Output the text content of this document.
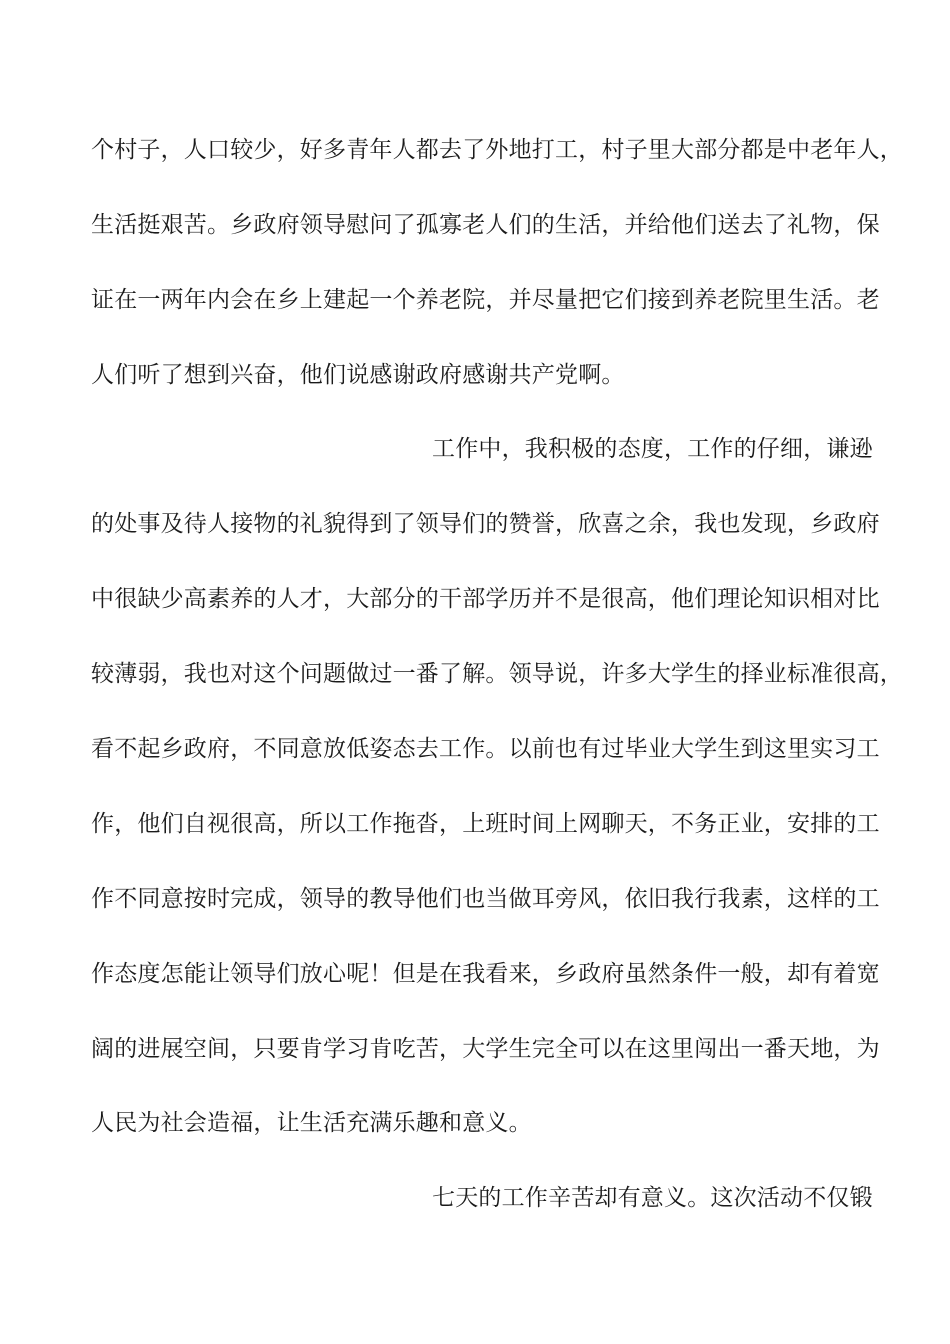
个村子，人口较少，好多青年人都去了外地打工，村子里大部分都是中老年人，
生活挺艰苦。乡政府领导慰问了孤寡老人们的生活，并给他们送去了礼物，保
证在一两年内会在乡上建起一个养老院，并尽量把它们接到养老院里生活。老
人们听了想到兴奋，他们说感谢政府感谢共产党啊。
工作中，我积极的态度，工作的仔细，谦逊
的处事及待人接物的礼貌得到了领导们的赞誉，欣喜之余，我也发现，乡政府
中很缺少高素养的人才，大部分的干部学历并不是很高，他们理论知识相对比
较薄弱，我也对这个问题做过一番了解。领导说，许多大学生的择业标准很高，
看不起乡政府，不同意放低姿态去工作。以前也有过毕业大学生到这里实习工
作，他们自视很高，所以工作拖沓，上班时间上网聊天，不务正业，安排的工
作不同意按时完成，领导的教导他们也当做耳旁风，依旧我行我素，这样的工
作态度怎能让领导们放心呢！但是在我看来，乡政府虽然条件一般，却有着宽
阔的进展空间，只要肯学习肯吃苦，大学生完全可以在这里闯出一番天地，为
人民为社会造福，让生活充满乐趣和意义。
七天的工作辛苦却有意义。这次活动不仅锻
